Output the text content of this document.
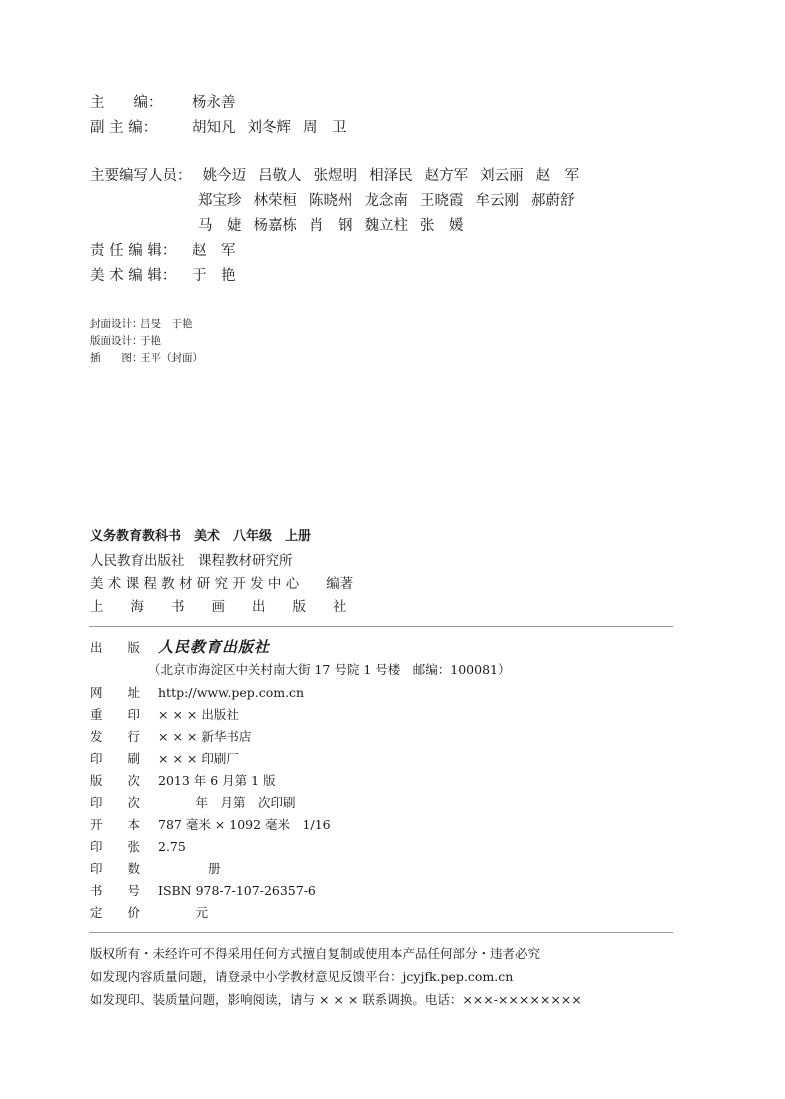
主　　编： 杨永善
副 主 编： 胡知凡 刘冬辉 周　卫
主要编写人员： 姚今迈 吕敬人 张煜明 相泽民 赵方军 刘云丽 赵　军
郑宝珍 林荣桓 陈晓州 龙念南 王晓霞 牟云刚 郝蔚舒
马　婕 杨嘉栋 肖　钢 魏立柱 张　媛
责 任 编 辑： 赵　军
美 术 编 辑： 于　艳
封面设计：吕旻　于艳
版面设计：于艳
插　　图：王平（封面）
义务教育教科书　美术　八年级　上册
人民教育出版社　课程教材研究所
美 术 课 程 教 材 研 究 开 发 中 心　　编著
上　　海　　书　　画　　出　　版　　社
出　　版 人民教育出版社
（北京市海淀区中关村南大街 17 号院 1 号楼　邮编：100081）
网　　址 http://www.pep.com.cn
重　　印 × × × 出版社
发　　行 × × × 新华书店
印　　刷 × × × 印刷厂
版　　次 2013 年 6 月第 1 版
印　　次　　　年　月第　次印刷
开　　本 787 毫米 × 1092 毫米　1/16
印　　张 2.75
印　　数　　　　册
书　　号 ISBN 978-7-107-26357-6
定　　价　　　元
版权所有・未经许可不得采用任何方式擅自复制或使用本产品任何部分・违者必究
如发现内容质量问题，请登录中小学教材意见反馈平台：jcyjfk.pep.com.cn
如发现印、装质量问题，影响阅读，请与 × × × 联系调换。电话：×××-××××××××
